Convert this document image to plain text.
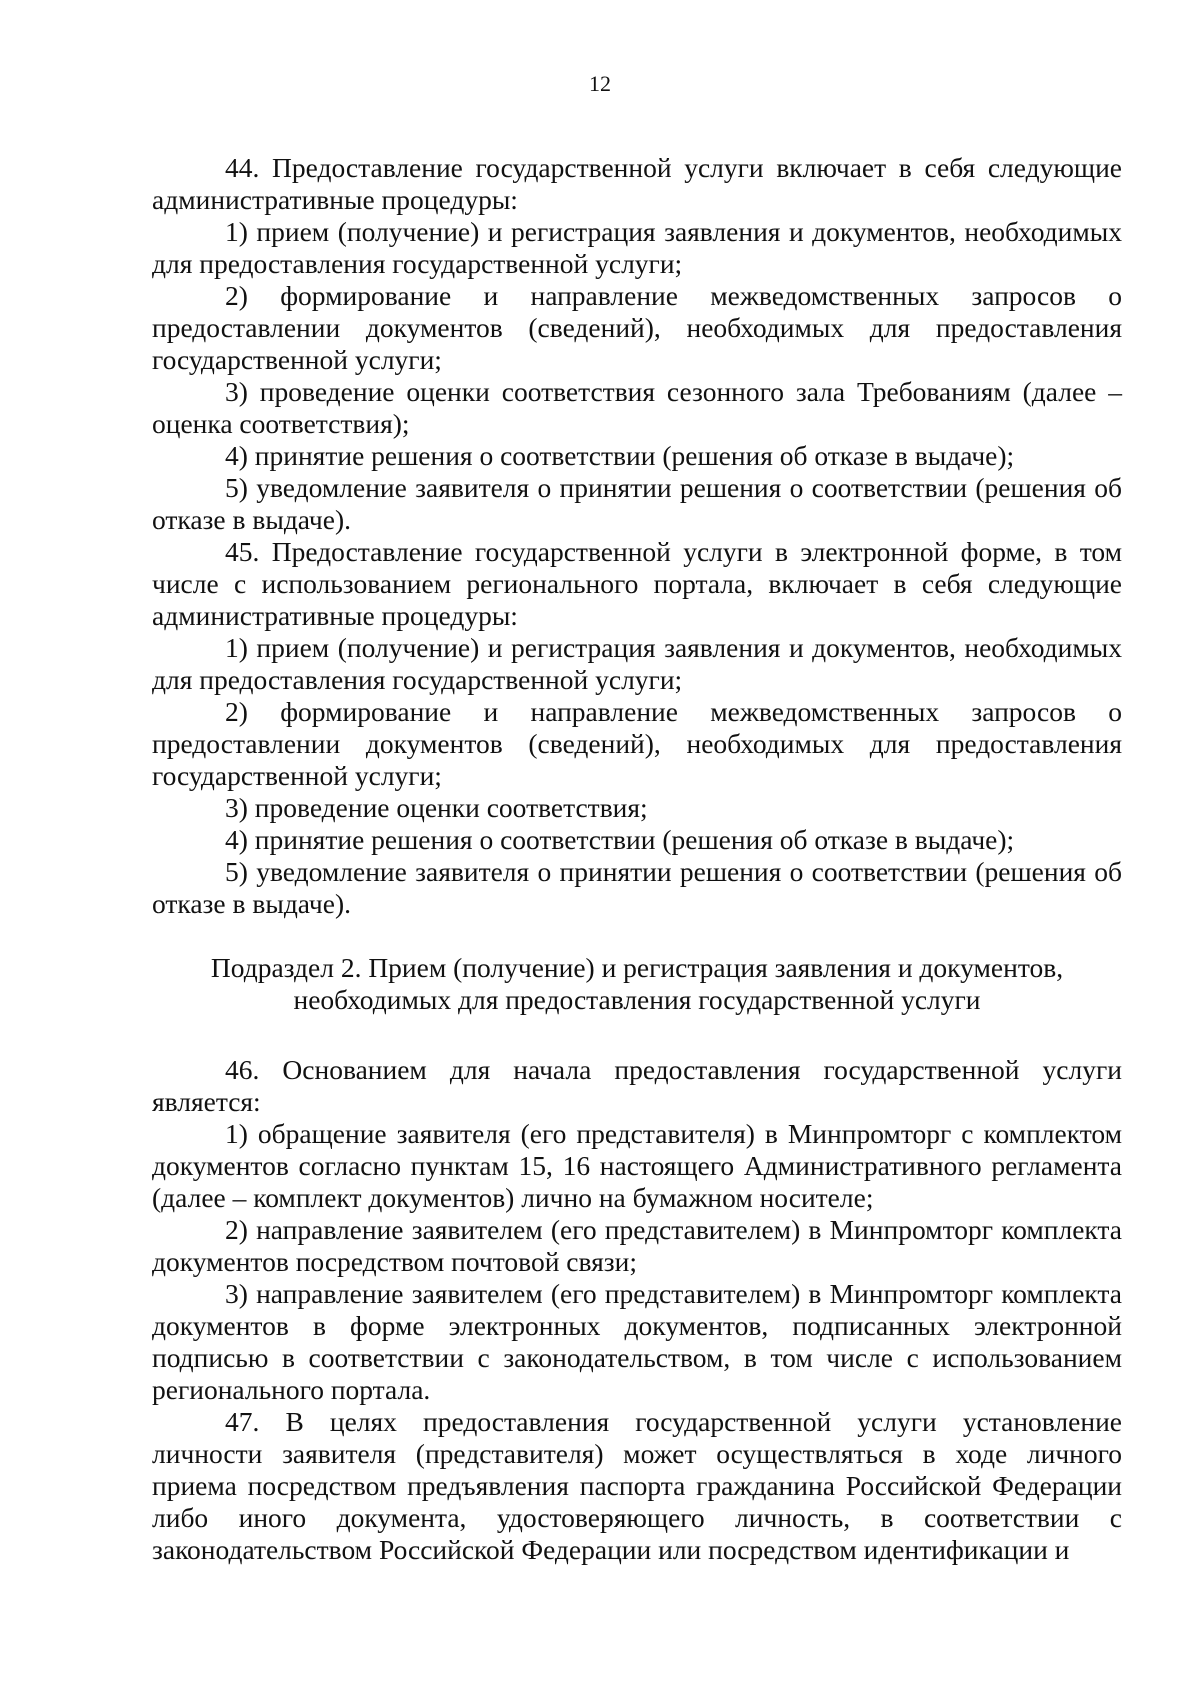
12

44. Предоставление государственной услуги включает в себя следующие административные процедуры:

1) прием (получение) и регистрация заявления и документов, необходимых для предоставления государственной услуги;

2) формирование и направление межведомственных запросов о предоставлении документов (сведений), необходимых для предоставления государственной услуги;

3) проведение оценки соответствия сезонного зала Требованиям (далее – оценка соответствия);

4) принятие решения о соответствии (решения об отказе в выдаче);

5) уведомление заявителя о принятии решения о соответствии (решения об отказе в выдаче).

45. Предоставление государственной услуги в электронной форме, в том числе с использованием регионального портала, включает в себя следующие административные процедуры:

1) прием (получение) и регистрация заявления и документов, необходимых для предоставления государственной услуги;

2) формирование и направление межведомственных запросов о предоставлении документов (сведений), необходимых для предоставления государственной услуги;

3) проведение оценки соответствия;

4) принятие решения о соответствии (решения об отказе в выдаче);

5) уведомление заявителя о принятии решения о соответствии (решения об отказе в выдаче).

Подраздел 2. Прием (получение) и регистрация заявления и документов,
необходимых для предоставления государственной услуги

46. Основанием для начала предоставления государственной услуги является:

1) обращение заявителя (его представителя) в Минпромторг с комплектом документов согласно пунктам 15, 16 настоящего Административного регламента (далее – комплект документов) лично на бумажном носителе;

2) направление заявителем (его представителем) в Минпромторг комплекта документов посредством почтовой связи;

3) направление заявителем (его представителем) в Минпромторг комплекта документов в форме электронных документов, подписанных электронной подписью в соответствии с законодательством, в том числе с использованием регионального портала.

47. В целях предоставления государственной услуги установление личности заявителя (представителя) может осуществляться в ходе личного приема посредством предъявления паспорта гражданина Российской Федерации либо иного документа, удостоверяющего личность, в соответствии с законодательством Российской Федерации или посредством идентификации и
